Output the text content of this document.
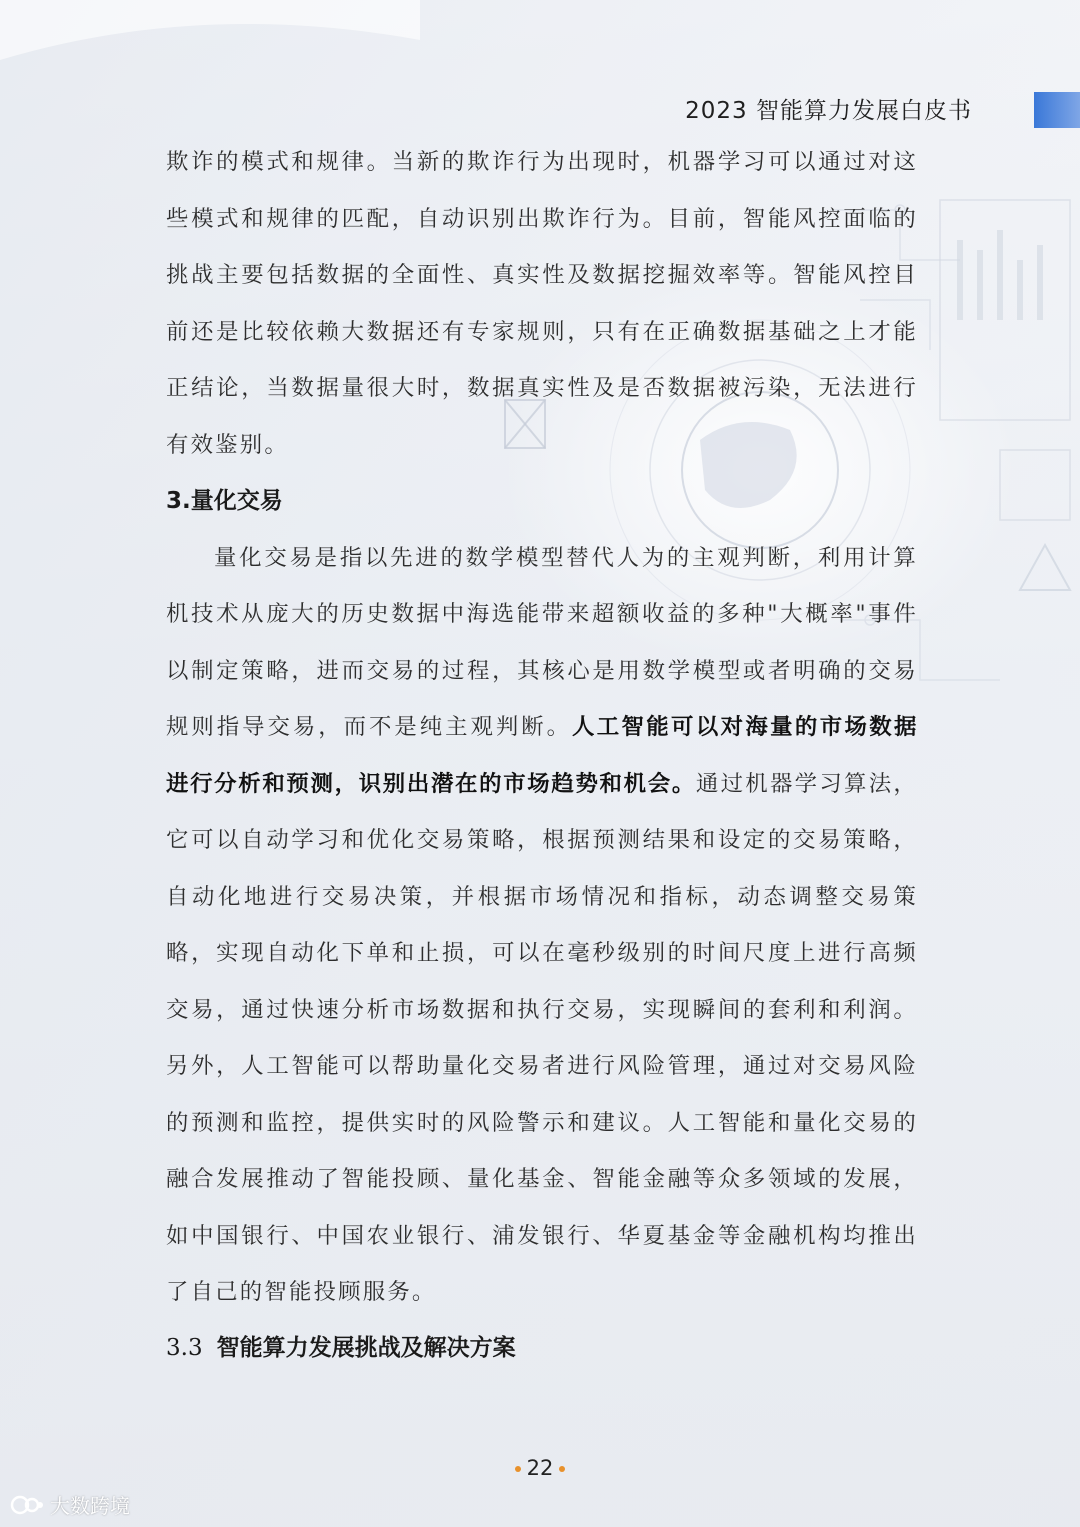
2023 智能算力发展白皮书

欺诈的模式和规律。当新的欺诈行为出现时，机器学习可以通过对这些模式和规律的匹配，自动识别出欺诈行为。目前，智能风控面临的挑战主要包括数据的全面性、真实性及数据挖掘效率等。智能风控目前还是比较依赖大数据还有专家规则，只有在正确数据基础之上才能正结论，当数据量很大时，数据真实性及是否数据被污染，无法进行有效鉴别。

3.量化交易

量化交易是指以先进的数学模型替代人为的主观判断，利用计算机技术从庞大的历史数据中海选能带来超额收益的多种"大概率"事件以制定策略，进而交易的过程，其核心是用数学模型或者明确的交易规则指导交易，而不是纯主观判断。人工智能可以对海量的市场数据进行分析和预测，识别出潜在的市场趋势和机会。通过机器学习算法，它可以自动学习和优化交易策略，根据预测结果和设定的交易策略，自动化地进行交易决策，并根据市场情况和指标，动态调整交易策略，实现自动化下单和止损，可以在毫秒级别的时间尺度上进行高频交易，通过快速分析市场数据和执行交易，实现瞬间的套利和利润。另外，人工智能可以帮助量化交易者进行风险管理，通过对交易风险的预测和监控，提供实时的风险警示和建议。人工智能和量化交易的融合发展推动了智能投顾、量化基金、智能金融等众多领域的发展，如中国银行、中国农业银行、浦发银行、华夏基金等金融机构均推出了自己的智能投顾服务。

3.3 智能算力发展挑战及解决方案
22
大数跨境
